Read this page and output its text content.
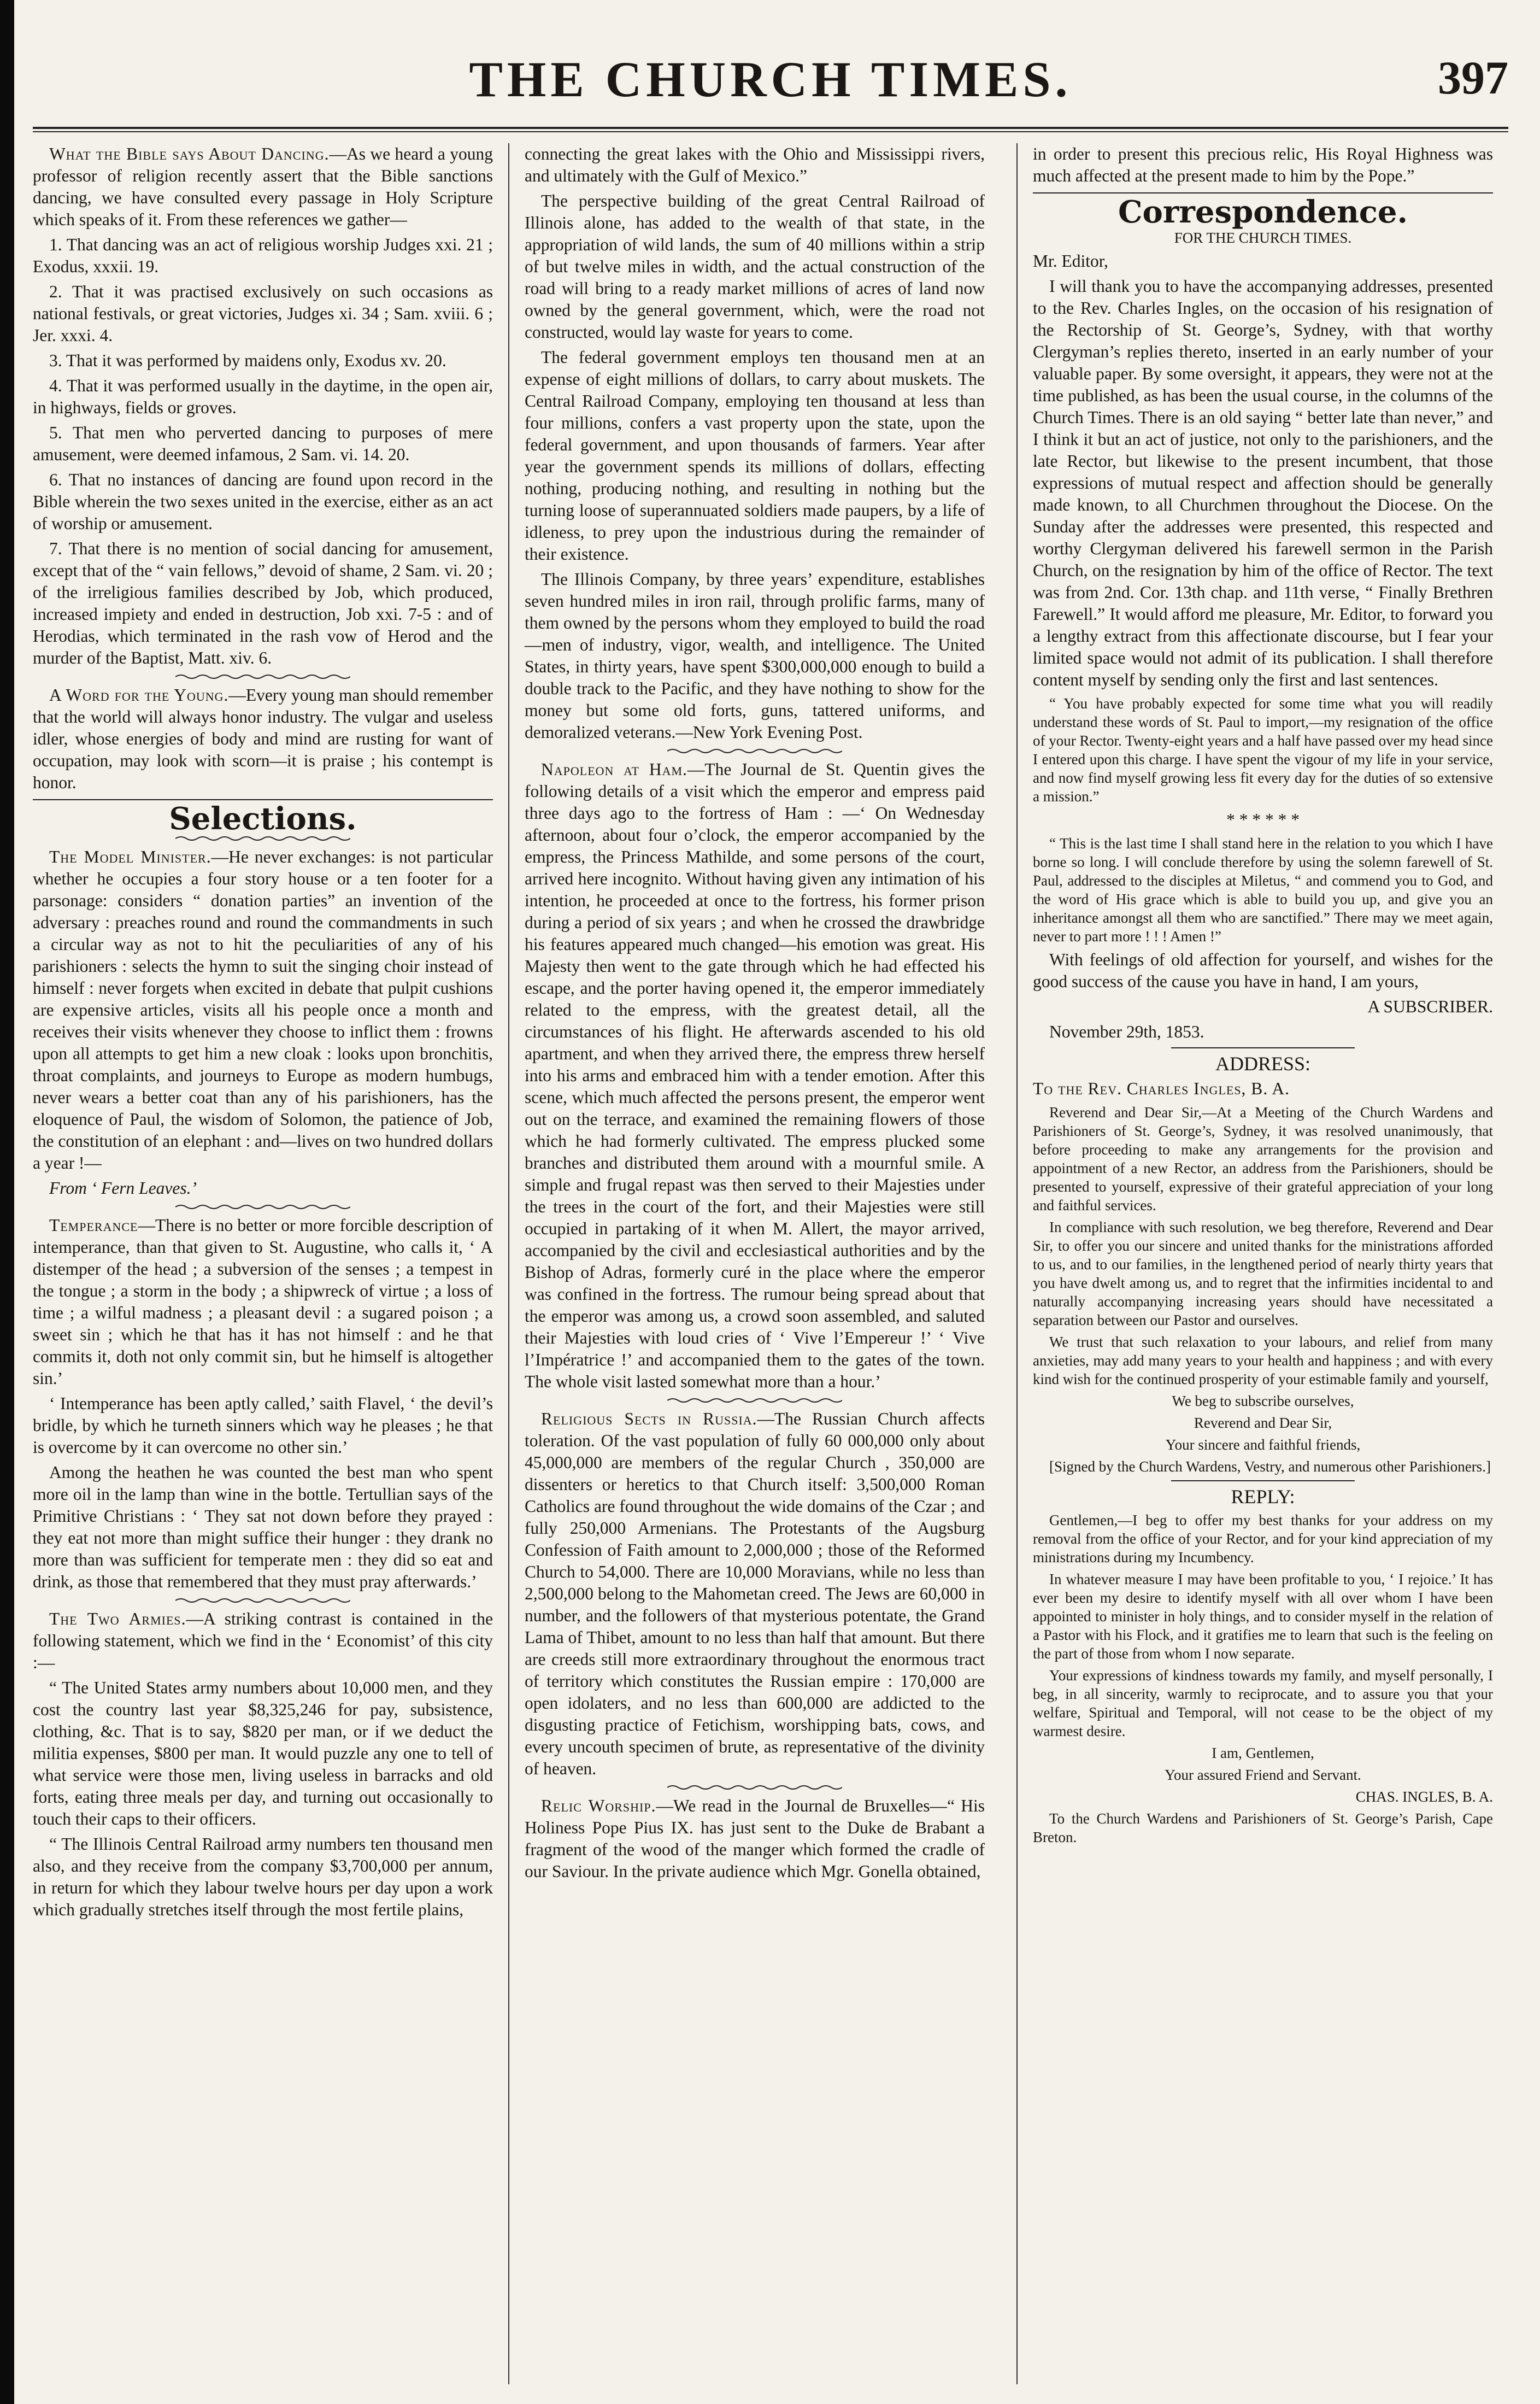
THE CHURCH TIMES.	397

What the Bible says About Dancing.—As we heard a young professor of religion recently assert that the Bible sanctions dancing, we have consulted every passage in Holy Scripture which speaks of it. From these references we gather—

1. That dancing was an act of religious worship Judges xxi. 21 ; Exodus, xxxii. 19.

2. That it was practised exclusively on such occasions as national festivals, or great victories, Judges xi. 34 ; Sam. xviii. 6 ; Jer. xxxi. 4.

3. That it was performed by maidens only, Exodus xv. 20.

4. That it was performed usually in the daytime, in the open air, in highways, fields or groves.

5. That men who perverted dancing to purposes of mere amusement, were deemed infamous, 2 Sam. vi. 14. 20.

6. That no instances of dancing are found upon record in the Bible wherein the two sexes united in the exercise, either as an act of worship or amusement.

7. That there is no mention of social dancing for amusement, except that of the “ vain fellows,” devoid of shame, 2 Sam. vi. 20 ; of the irreligious families described by Job, which produced, increased impiety and ended in destruction, Job xxi. 7-5 : and of Herodias, which terminated in the rash vow of Herod and the murder of the Baptist, Matt. xiv. 6.

A Word for the Young.—Every young man should remember that the world will always honor industry. The vulgar and useless idler, whose energies of body and mind are rusting for want of occupation, may look with scorn—it is praise ; his contempt is honor.

Selections.

The Model Minister.—He never exchanges: is not particular whether he occupies a four story house or a ten footer for a parsonage: considers “ donation parties” an invention of the adversary : preaches round and round the commandments in such a circular way as not to hit the peculiarities of any of his parishioners : selects the hymn to suit the singing choir instead of himself : never forgets when excited in debate that pulpit cushions are expensive articles, visits all his people once a month and receives their visits whenever they choose to inflict them : frowns upon all attempts to get him a new cloak : looks upon bronchitis, throat complaints, and journeys to Europe as modern humbugs, never wears a better coat than any of his parishioners, has the eloquence of Paul, the wisdom of Solomon, the patience of Job, the constitution of an elephant : and—lives on two hundred dollars a year !—

From ‘ Fern Leaves.’

Temperance—There is no better or more forcible description of intemperance, than that given to St. Augustine, who calls it, ‘ A distemper of the head ; a subversion of the senses ; a tempest in the tongue ; a storm in the body ; a shipwreck of virtue ; a loss of time ; a wilful madness ; a pleasant devil : a sugared poison ; a sweet sin ; which he that has it has not himself : and he that commits it, doth not only commit sin, but he himself is altogether sin.’

‘ Intemperance has been aptly called,’ saith Flavel, ‘ the devil’s bridle, by which he turneth sinners which way he pleases ; he that is overcome by it can overcome no other sin.’

Among the heathen he was counted the best man who spent more oil in the lamp than wine in the bottle. Tertullian says of the Primitive Christians : ‘ They sat not down before they prayed : they eat not more than might suffice their hunger : they drank no more than was sufficient for temperate men : they did so eat and drink, as those that remembered that they must pray afterwards.’

The Two Armies.—A striking contrast is contained in the following statement, which we find in the ‘ Economist’ of this city :—

“ The United States army numbers about 10,000 men, and they cost the country last year $8,325,246 for pay, subsistence, clothing, &c. That is to say, $820 per man, or if we deduct the militia expenses, $800 per man. It would puzzle any one to tell of what service were those men, living useless in barracks and old forts, eating three meals per day, and turning out occasionally to touch their caps to their officers.

“ The Illinois Central Railroad army numbers ten thousand men also, and they receive from the company $3,700,000 per annum, in return for which they labour twelve hours per day upon a work which gradually stretches itself through the most fertile plains,

connecting the great lakes with the Ohio and Mississippi rivers, and ultimately with the Gulf of Mexico.”

The perspective building of the great Central Railroad of Illinois alone, has added to the wealth of that state, in the appropriation of wild lands, the sum of 40 millions within a strip of but twelve miles in width, and the actual construction of the road will bring to a ready market millions of acres of land now owned by the general government, which, were the road not constructed, would lay waste for years to come.

The federal government employs ten thousand men at an expense of eight millions of dollars, to carry about muskets. The Central Railroad Company, employing ten thousand at less than four millions, confers a vast property upon the state, upon the federal government, and upon thousands of farmers. Year after year the government spends its millions of dollars, effecting nothing, producing nothing, and resulting in nothing but the turning loose of superannuated soldiers made paupers, by a life of idleness, to prey upon the industrious during the remainder of their existence.

The Illinois Company, by three years’ expenditure, establishes seven hundred miles in iron rail, through prolific farms, many of them owned by the persons whom they employed to build the road—men of industry, vigor, wealth, and intelligence. The United States, in thirty years, have spent $300,000,000 enough to build a double track to the Pacific, and they have nothing to show for the money but some old forts, guns, tattered uniforms, and demoralized veterans.—New York Evening Post.

Napoleon at Ham.—The Journal de St. Quentin gives the following details of a visit which the emperor and empress paid three days ago to the fortress of Ham : —‘ On Wednesday afternoon, about four o’clock, the emperor accompanied by the empress, the Princess Mathilde, and some persons of the court, arrived here incognito. Without having given any intimation of his intention, he proceeded at once to the fortress, his former prison during a period of six years ; and when he crossed the drawbridge his features appeared much changed—his emotion was great. His Majesty then went to the gate through which he had effected his escape, and the porter having opened it, the emperor immediately related to the empress, with the greatest detail, all the circumstances of his flight. He afterwards ascended to his old apartment, and when they arrived there, the empress threw herself into his arms and embraced him with a tender emotion. After this scene, which much affected the persons present, the emperor went out on the terrace, and examined the remaining flowers of those which he had formerly cultivated. The empress plucked some branches and distributed them around with a mournful smile. A simple and frugal repast was then served to their Majesties under the trees in the court of the fort, and their Majesties were still occupied in partaking of it when M. Allert, the mayor arrived, accompanied by the civil and ecclesiastical authorities and by the Bishop of Adras, formerly curé in the place where the emperor was confined in the fortress. The rumour being spread about that the emperor was among us, a crowd soon assembled, and saluted their Majesties with loud cries of ‘ Vive l’Empereur !’ ‘ Vive l’Impératrice !’ and accompanied them to the gates of the town. The whole visit lasted somewhat more than a hour.’

Religious Sects in Russia.—The Russian Church affects toleration. Of the vast population of fully 60 000,000 only about 45,000,000 are members of the regular Church , 350,000 are dissenters or heretics to that Church itself: 3,500,000 Roman Catholics are found throughout the wide domains of the Czar ; and fully 250,000 Armenians. The Protestants of the Augsburg Confession of Faith amount to 2,000,000 ; those of the Reformed Church to 54,000. There are 10,000 Moravians, while no less than 2,500,000 belong to the Mahometan creed. The Jews are 60,000 in number, and the followers of that mysterious potentate, the Grand Lama of Thibet, amount to no less than half that amount. But there are creeds still more extraordinary throughout the enormous tract of territory which constitutes the Russian empire : 170,000 are open idolaters, and no less than 600,000 are addicted to the disgusting practice of Fetichism, worshipping bats, cows, and every uncouth specimen of brute, as representative of the divinity of heaven.

Relic Worship.—We read in the Journal de Bruxelles—“ His Holiness Pope Pius IX. has just sent to the Duke de Brabant a fragment of the wood of the manger which formed the cradle of our Saviour. In the private audience which Mgr. Gonella obtained,

in order to present this precious relic, His Royal Highness was much affected at the present made to him by the Pope.”

Correspondence.

FOR THE CHURCH TIMES.

Mr. Editor,

I will thank you to have the accompanying addresses, presented to the Rev. Charles Ingles, on the occasion of his resignation of the Rectorship of St. George’s, Sydney, with that worthy Clergyman’s replies thereto, inserted in an early number of your valuable paper. By some oversight, it appears, they were not at the time published, as has been the usual course, in the columns of the Church Times. There is an old saying “ better late than never,” and I think it but an act of justice, not only to the parishioners, and the late Rector, but likewise to the present incumbent, that those expressions of mutual respect and affection should be generally made known, to all Churchmen throughout the Diocese. On the Sunday after the addresses were presented, this respected and worthy Clergyman delivered his farewell sermon in the Parish Church, on the resignation by him of the office of Rector. The text was from 2nd. Cor. 13th chap. and 11th verse, “ Finally Brethren Farewell.” It would afford me pleasure, Mr. Editor, to forward you a lengthy extract from this affectionate discourse, but I fear your limited space would not admit of its publication. I shall therefore content myself by sending only the first and last sentences.

“ You have probably expected for some time what you will readily understand these words of St. Paul to import,—my resignation of the office of your Rector. Twenty-eight years and a half have passed over my head since I entered upon this charge. I have spent the vigour of my life in your service, and now find myself growing less fit every day for the duties of so extensive a mission.”

* * * * * *

“ This is the last time I shall stand here in the relation to you which I have borne so long. I will conclude therefore by using the solemn farewell of St. Paul, addressed to the disciples at Miletus, “ and commend you to God, and the word of His grace which is able to build you up, and give you an inheritance amongst all them who are sanctified.” There may we meet again, never to part more ! ! ! Amen !”

With feelings of old affection for yourself, and wishes for the good success of the cause you have in hand, I am yours,

A SUBSCRIBER.

November 29th, 1853.

ADDRESS:

To the Rev. Charles Ingles, B. A.

Reverend and Dear Sir,—At a Meeting of the Church Wardens and Parishioners of St. George’s, Sydney, it was resolved unanimously, that before proceeding to make any arrangements for the provision and appointment of a new Rector, an address from the Parishioners, should be presented to yourself, expressive of their grateful appreciation of your long and faithful services.

In compliance with such resolution, we beg therefore, Reverend and Dear Sir, to offer you our sincere and united thanks for the ministrations afforded to us, and to our families, in the lengthened period of nearly thirty years that you have dwelt among us, and to regret that the infirmities incidental to and naturally accompanying increasing years should have necessitated a separation between our Pastor and ourselves.

We trust that such relaxation to your labours, and relief from many anxieties, may add many years to your health and happiness ; and with every kind wish for the continued prosperity of your estimable family and yourself,

We beg to subscribe ourselves,

Reverend and Dear Sir,

Your sincere and faithful friends,

[Signed by the Church Wardens, Vestry, and numerous other Parishioners.]

REPLY:

Gentlemen,—I beg to offer my best thanks for your address on my removal from the office of your Rector, and for your kind appreciation of my ministrations during my Incumbency.

In whatever measure I may have been profitable to you, ‘ I rejoice.’ It has ever been my desire to identify myself with all over whom I have been appointed to minister in holy things, and to consider myself in the relation of a Pastor with his Flock, and it gratifies me to learn that such is the feeling on the part of those from whom I now separate.

Your expressions of kindness towards my family, and myself personally, I beg, in all sincerity, warmly to reciprocate, and to assure you that your welfare, Spiritual and Temporal, will not cease to be the object of my warmest desire.

I am, Gentlemen,

Your assured Friend and Servant.

CHAS. INGLES, B. A.

To the Church Wardens and Parishioners of St. George’s Parish, Cape Breton.
